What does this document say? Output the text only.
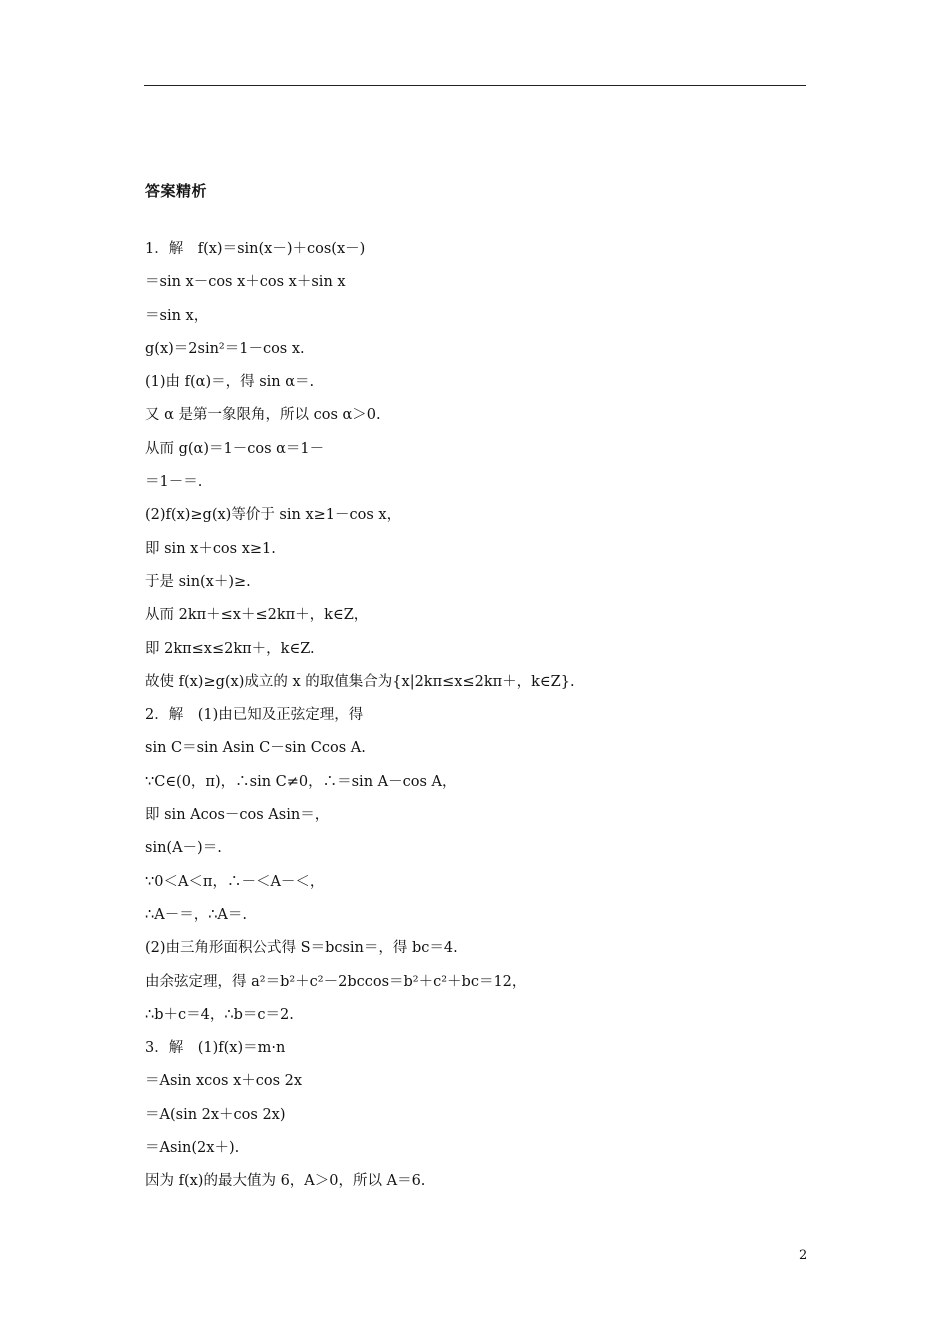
答案精析
1．解　f(x)＝sin(x－)＋cos(x－)
＝sin x－cos x＋cos x＋sin x
＝sin x，
g(x)＝2sin²＝1－cos x.
(1)由 f(α)＝，得 sin α＝.
又 α 是第一象限角，所以 cos α＞0.
从而 g(α)＝1－cos α＝1－
＝1－＝.
(2)f(x)≥g(x)等价于 sin x≥1－cos x，
即 sin x＋cos x≥1.
于是 sin(x＋)≥.
从而 2kπ＋≤x＋≤2kπ＋，k∈Z，
即 2kπ≤x≤2kπ＋，k∈Z.
故使 f(x)≥g(x)成立的 x 的取值集合为{x|2kπ≤x≤2kπ＋，k∈Z}.
2．解　(1)由已知及正弦定理，得
sin C＝sin Asin C－sin Ccos A.
∵C∈(0，π)，∴sin C≠0，∴＝sin A－cos A，
即 sin Acos－cos Asin＝，
sin(A－)＝.
∵0＜A＜π，∴－＜A－＜，
∴A－＝，∴A＝.
(2)由三角形面积公式得 S＝bcsin＝，得 bc＝4.
由余弦定理，得 a²＝b²＋c²－2bccos＝b²＋c²＋bc＝12，
∴b＋c＝4，∴b＝c＝2.
3．解　(1)f(x)＝m·n
＝Asin xcos x＋cos 2x
＝A(sin 2x＋cos 2x)
＝Asin(2x＋).
因为 f(x)的最大值为 6，A＞0，所以 A＝6.
2
